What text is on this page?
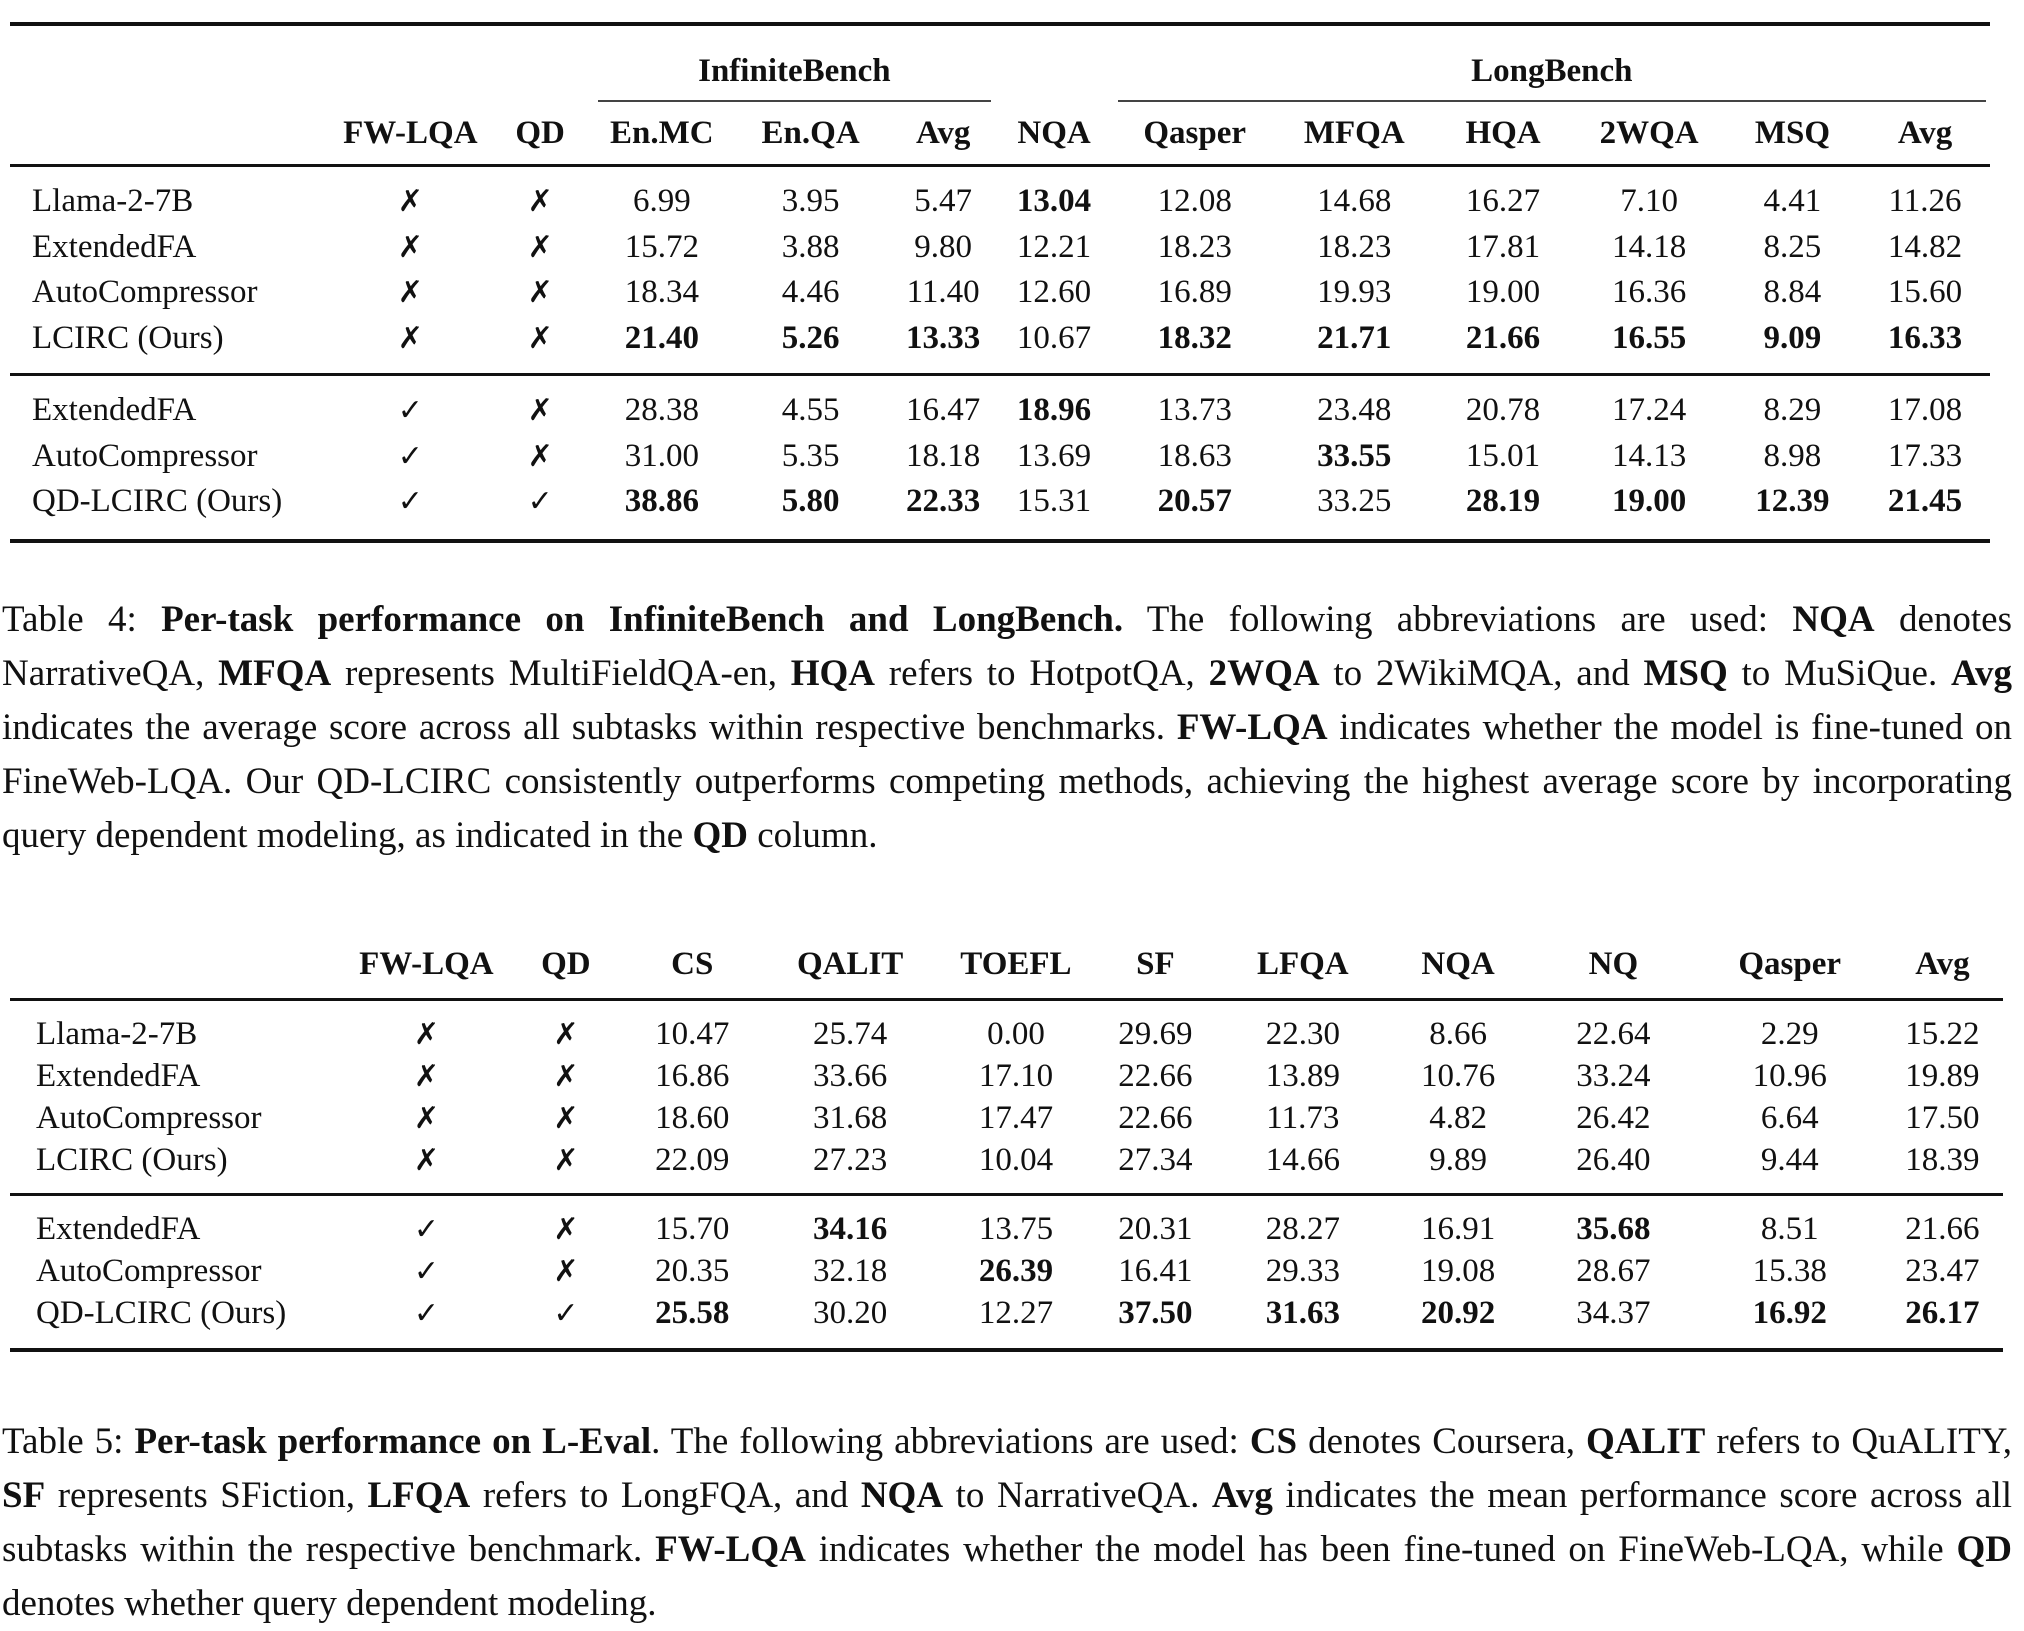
			InfiniteBench				LongBench					
	FW-LQA	QD	En.MC	En.QA	Avg	NQA	Qasper	MFQA	HQA	2WQA	MSQ	Avg
Llama-2-7B	✗	✗	6.99	3.95	5.47	13.04	12.08	14.68	16.27	7.10	4.41	11.26
ExtendedFA	✗	✗	15.72	3.88	9.80	12.21	18.23	18.23	17.81	14.18	8.25	14.82
AutoCompressor	✗	✗	18.34	4.46	11.40	12.60	16.89	19.93	19.00	16.36	8.84	15.60
LCIRC (Ours)	✗	✗	21.40	5.26	13.33	10.67	18.32	21.71	21.66	16.55	9.09	16.33
ExtendedFA	✓	✗	28.38	4.55	16.47	18.96	13.73	23.48	20.78	17.24	8.29	17.08
AutoCompressor	✓	✗	31.00	5.35	18.18	13.69	18.63	33.55	15.01	14.13	8.98	17.33
QD-LCIRC (Ours)	✓	✓	38.86	5.80	22.33	15.31	20.57	33.25	28.19	19.00	12.39	21.45

Table 4: Per-task performance on InfiniteBench and LongBench. The following abbreviations are used: NQA denotes NarrativeQA, MFQA represents MultiFieldQA-en, HQA refers to HotpotQA, 2WQA to 2WikiMQA, and MSQ to MuSiQue. Avg indicates the average score across all subtasks within respective benchmarks. FW-LQA indicates whether the model is fine-tuned on FineWeb-LQA. Our QD-LCIRC consistently outperforms competing methods, achieving the highest average score by incorporating query dependent modeling, as indicated in the QD column.

	FW-LQA	QD	CS	QALIT	TOEFL	SF	LFQA	NQA	NQ	Qasper	Avg
Llama-2-7B	✗	✗	10.47	25.74	0.00	29.69	22.30	8.66	22.64	2.29	15.22
ExtendedFA	✗	✗	16.86	33.66	17.10	22.66	13.89	10.76	33.24	10.96	19.89
AutoCompressor	✗	✗	18.60	31.68	17.47	22.66	11.73	4.82	26.42	6.64	17.50
LCIRC (Ours)	✗	✗	22.09	27.23	10.04	27.34	14.66	9.89	26.40	9.44	18.39
ExtendedFA	✓	✗	15.70	34.16	13.75	20.31	28.27	16.91	35.68	8.51	21.66
AutoCompressor	✓	✗	20.35	32.18	26.39	16.41	29.33	19.08	28.67	15.38	23.47
QD-LCIRC (Ours)	✓	✓	25.58	30.20	12.27	37.50	31.63	20.92	34.37	16.92	26.17

Table 5: Per-task performance on L-Eval. The following abbreviations are used: CS denotes Coursera, QALIT refers to QuALITY, SF represents SFiction, LFQA refers to LongFQA, and NQA to NarrativeQA. Avg indicates the mean performance score across all subtasks within the respective benchmark. FW-LQA indicates whether the model has been fine-tuned on FineWeb-LQA, while QD denotes whether query dependent modeling.
